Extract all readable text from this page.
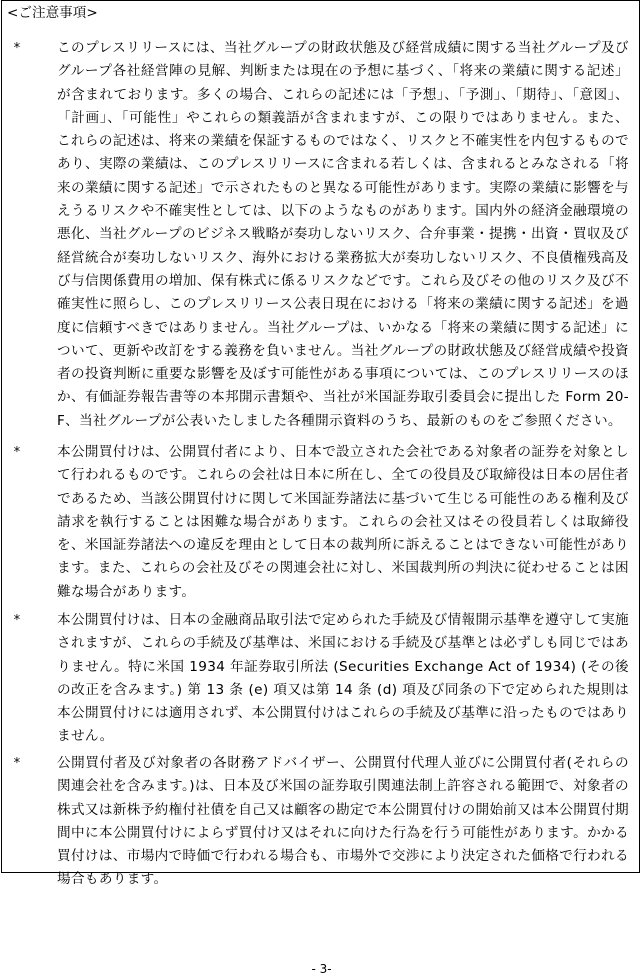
<ご注意事項>
*	このプレスリリースには、当社グループの財政状態及び経営成績に関する当社グループ及びグループ各社経営陣の見解、判断または現在の予想に基づく、「将来の業績に関する記述」が含まれております。多くの場合、これらの記述には「予想」、「予測」、「期待」、「意図」、「計画」、「可能性」やこれらの類義語が含まれますが、この限りではありません。また、これらの記述は、将来の業績を保証するものではなく、リスクと不確実性を内包するものであり、実際の業績は、このプレスリリースに含まれる若しくは、含まれるとみなされる「将来の業績に関する記述」で示されたものと異なる可能性があります。実際の業績に影響を与えうるリスクや不確実性としては、以下のようなものがあります。国内外の経済金融環境の悪化、当社グループのビジネス戦略が奏功しないリスク、合弁事業・提携・出資・買収及び経営統合が奏功しないリスク、海外における業務拡大が奏功しないリスク、不良債権残高及び与信関係費用の増加、保有株式に係るリスクなどです。これら及びその他のリスク及び不確実性に照らし、このプレスリリース公表日現在における「将来の業績に関する記述」を過度に信頼すべきではありません。当社グループは、いかなる「将来の業績に関する記述」について、更新や改訂をする義務を負いません。当社グループの財政状態及び経営成績や投資者の投資判断に重要な影響を及ぼす可能性がある事項については、このプレスリリースのほか、有価証券報告書等の本邦開示書類や、当社が米国証券取引委員会に提出した Form 20-F、当社グループが公表いたしました各種開示資料のうち、最新のものをご参照ください。
*	本公開買付けは、公開買付者により、日本で設立された会社である対象者の証券を対象として行われるものです。これらの会社は日本に所在し、全ての役員及び取締役は日本の居住者であるため、当該公開買付けに関して米国証券諸法に基づいて生じる可能性のある権利及び請求を執行することは困難な場合があります。これらの会社又はその役員若しくは取締役を、米国証券諸法への違反を理由として日本の裁判所に訴えることはできない可能性があります。また、これらの会社及びその関連会社に対し、米国裁判所の判決に従わせることは困難な場合があります。
*	本公開買付けは、日本の金融商品取引法で定められた手続及び情報開示基準を遵守して実施されますが、これらの手続及び基準は、米国における手続及び基準とは必ずしも同じではありません。特に米国 1934 年証券取引所法 (Securities Exchange Act of 1934) (その後の改正を含みます。) 第 13 条 (e) 項又は第 14 条 (d) 項及び同条の下で定められた規則は本公開買付けには適用されず、本公開買付けはこれらの手続及び基準に沿ったものではありません。
*	公開買付者及び対象者の各財務アドバイザー、公開買付代理人並びに公開買付者(それらの関連会社を含みます。)は、日本及び米国の証券取引関連法制上許容される範囲で、対象者の株式又は新株予約権付社債を自己又は顧客の勘定で本公開買付けの開始前又は本公開買付期間中に本公開買付けによらず買付け又はそれに向けた行為を行う可能性があります。かかる買付けは、市場内で時価で行われる場合も、市場外で交渉により決定された価格で行われる場合もあります。
- 3-
